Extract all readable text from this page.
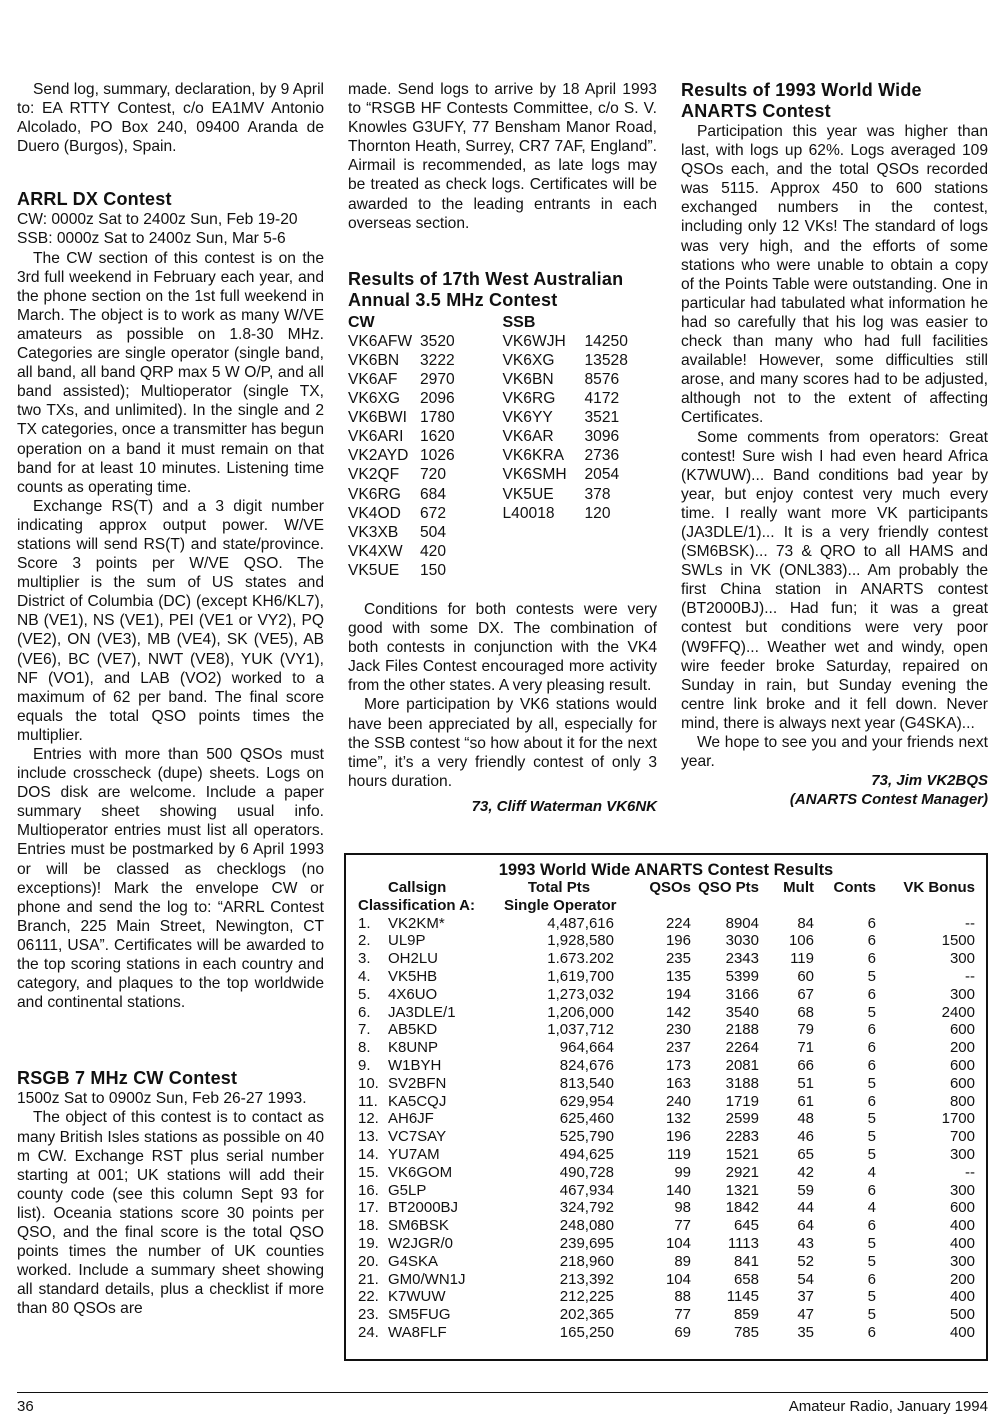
Send log, summary, declaration, by 9 April to: EA RTTY Contest, c/o EA1MV Antonio Alcolado, PO Box 240, 09400 Aranda de Duero (Burgos), Spain.

ARRL DX Contest

CW: 0000z Sat to 2400z Sun, Feb 19-20

SSB: 0000z Sat to 2400z Sun, Mar 5-6

The CW section of this contest is on the 3rd full weekend in February each year, and the phone section on the 1st full weekend in March. The object is to work as many W/VE amateurs as possible on 1.8-30 MHz. Categories are single operator (single band, all band, all band QRP max 5 W O/P, and all band assisted); Multioperator (single TX, two TXs, and unlimited). In the single and 2 TX categories, once a transmitter has begun operation on a band it must remain on that band for at least 10 minutes. Listening time counts as operating time.

Exchange RS(T) and a 3 digit number indicating approx output power. W/VE stations will send RS(T) and state/province. Score 3 points per W/VE QSO. The multiplier is the sum of US states and District of Columbia (DC) (except KH6/KL7), NB (VE1), NS (VE1), PEI (VE1 or VY2), PQ (VE2), ON (VE3), MB (VE4), SK (VE5), AB (VE6), BC (VE7), NWT (VE8), YUK (VY1), NF (VO1), and LAB (VO2) worked to a maximum of 62 per band. The final score equals the total QSO points times the multiplier.

Entries with more than 500 QSOs must include crosscheck (dupe) sheets. Logs on DOS disk are welcome. Include a paper summary sheet showing usual info. Multioperator entries must list all operators. Entries must be postmarked by 6 April 1993 or will be classed as checklogs (no exceptions)! Mark the envelope CW or phone and send the log to: “ARRL Contest Branch, 225 Main Street, Newington, CT 06111, USA”. Certificates will be awarded to the top scoring stations in each country and category, and plaques to the top worldwide and continental stations.

RSGB 7 MHz CW Contest

1500z Sat to 0900z Sun, Feb 26-27 1993.

The object of this contest is to contact as many British Isles stations as possible on 40 m CW. Exchange RST plus serial number starting at 001; UK stations will add their county code (see this column Sept 93 for list). Oceania stations score 30 points per QSO, and the final score is the total QSO points times the number of UK counties worked. Include a summary sheet showing all standard details, plus a checklist if more than 80 QSOs are

made. Send logs to arrive by 18 April 1993 to “RSGB HF Contests Committee, c/o S. V. Knowles G3UFY, 77 Bensham Manor Road, Thornton Heath, Surrey, CR7 7AF, England”. Airmail is recommended, as late logs may be treated as check logs. Certificates will be awarded to the leading entrants in each overseas section.

Results of 17th West Australian Annual 3.5 MHz Contest
CW
VK6AFW 3520
VK6BN	3222
VK6AF	2970
VK6XG	2096
VK6BWI 1780
VK6ARI	1620
VK2AYD 1026
VK2QF	720
VK6RG	684
VK4OD	672
VK3XB	504
VK4XW	420
VK5UE	150
SSB
VK6WJH	14250
VK6XG	13528
VK6BN	8576
VK6RG	4172
VK6YY	3521
VK6AR	3096
VK6KRA	2736
VK6SMH	2054
VK5UE	378
L40018	120

Conditions for both contests were very good with some DX. The combination of both contests in conjunction with the VK4 Jack Files Contest encouraged more activity from the other states. A very pleasing result.

More participation by VK6 stations would have been appreciated by all, especially for the SSB contest “so how about it for the next time”, it’s a very friendly contest of only 3 hours duration.

73, Cliff Waterman VK6NK

Results of 1993 World Wide ANARTS Contest

Participation this year was higher than last, with logs up 62%. Logs averaged 109 QSOs each, and the total QSOs recorded was 5115. Approx 450 to 600 stations exchanged numbers in the contest, including only 12 VKs! The standard of logs was very high, and the efforts of some stations who were unable to obtain a copy of the Points Table were outstanding. One in particular had tabulated what information he had so carefully that his log was easier to check than many who had full facilities available! However, some difficulties still arose, and many scores had to be adjusted, although not to the extent of affecting Certificates.

Some comments from operators: Great contest! Sure wish I had even heard Africa (K7WUW)... Band conditions bad year by year, but enjoy contest very much every time. I really want more VK participants (JA3DLE/1)... It is a very friendly contest (SM6BSK)... 73 & QRO to all HAMS and SWLs in VK (ONL383)... Am probably the first China station in ANARTS contest (BT2000BJ)... Had fun; it was a great contest but conditions were very poor (W9FFQ)... Weather wet and windy, open wire feeder broke Saturday, repaired on Sunday in rain, but Sunday evening the centre link broke and it fell down. Never mind, there is always next year (G4SKA)...

We hope to see you and your friends next year.

73, Jim VK2BQS

(ANARTS Contest Manager)

1993 World Wide ANARTS Contest Results
	Callsign	Total Pts	QSOs	QSO Pts	Mult	Conts	VK Bonus
Classification A:		Single Operator					
1.	VK2KM*	4,487,616	224	8904	84	6	--
2.	UL9P	1,928,580	196	3030	106	6	1500
3.	OH2LU	1.673.202	235	2343	119	6	300
4.	VK5HB	1,619,700	135	5399	60	5	--
5.	4X6UO	1,273,032	194	3166	67	6	300
6.	JA3DLE/1	1,206,000	142	3540	68	5	2400
7.	AB5KD	1,037,712	230	2188	79	6	600
8.	K8UNP	964,664	237	2264	71	6	200
9.	W1BYH	824,676	173	2081	66	6	600
10.	SV2BFN	813,540	163	3188	51	5	600
11.	KA5CQJ	629,954	240	1719	61	6	800
12.	AH6JF	625,460	132	2599	48	5	1700
13.	VC7SAY	525,790	196	2283	46	5	700
14.	YU7AM	494,625	119	1521	65	5	300
15.	VK6GOM	490,728	99	2921	42	4	--
16.	G5LP	467,934	140	1321	59	6	300
17.	BT2000BJ	324,792	98	1842	44	4	600
18.	SM6BSK	248,080	77	645	64	6	400
19.	W2JGR/0	239,695	104	1113	43	5	400
20.	G4SKA	218,960	89	841	52	5	300
21.	GM0/WN1J	213,392	104	658	54	6	200
22.	K7WUW	212,225	88	1145	37	5	400
23.	SM5FUG	202,365	77	859	47	5	500
24.	WA8FLF	165,250	69	785	35	6	400
36	Amateur Radio, January 1994
